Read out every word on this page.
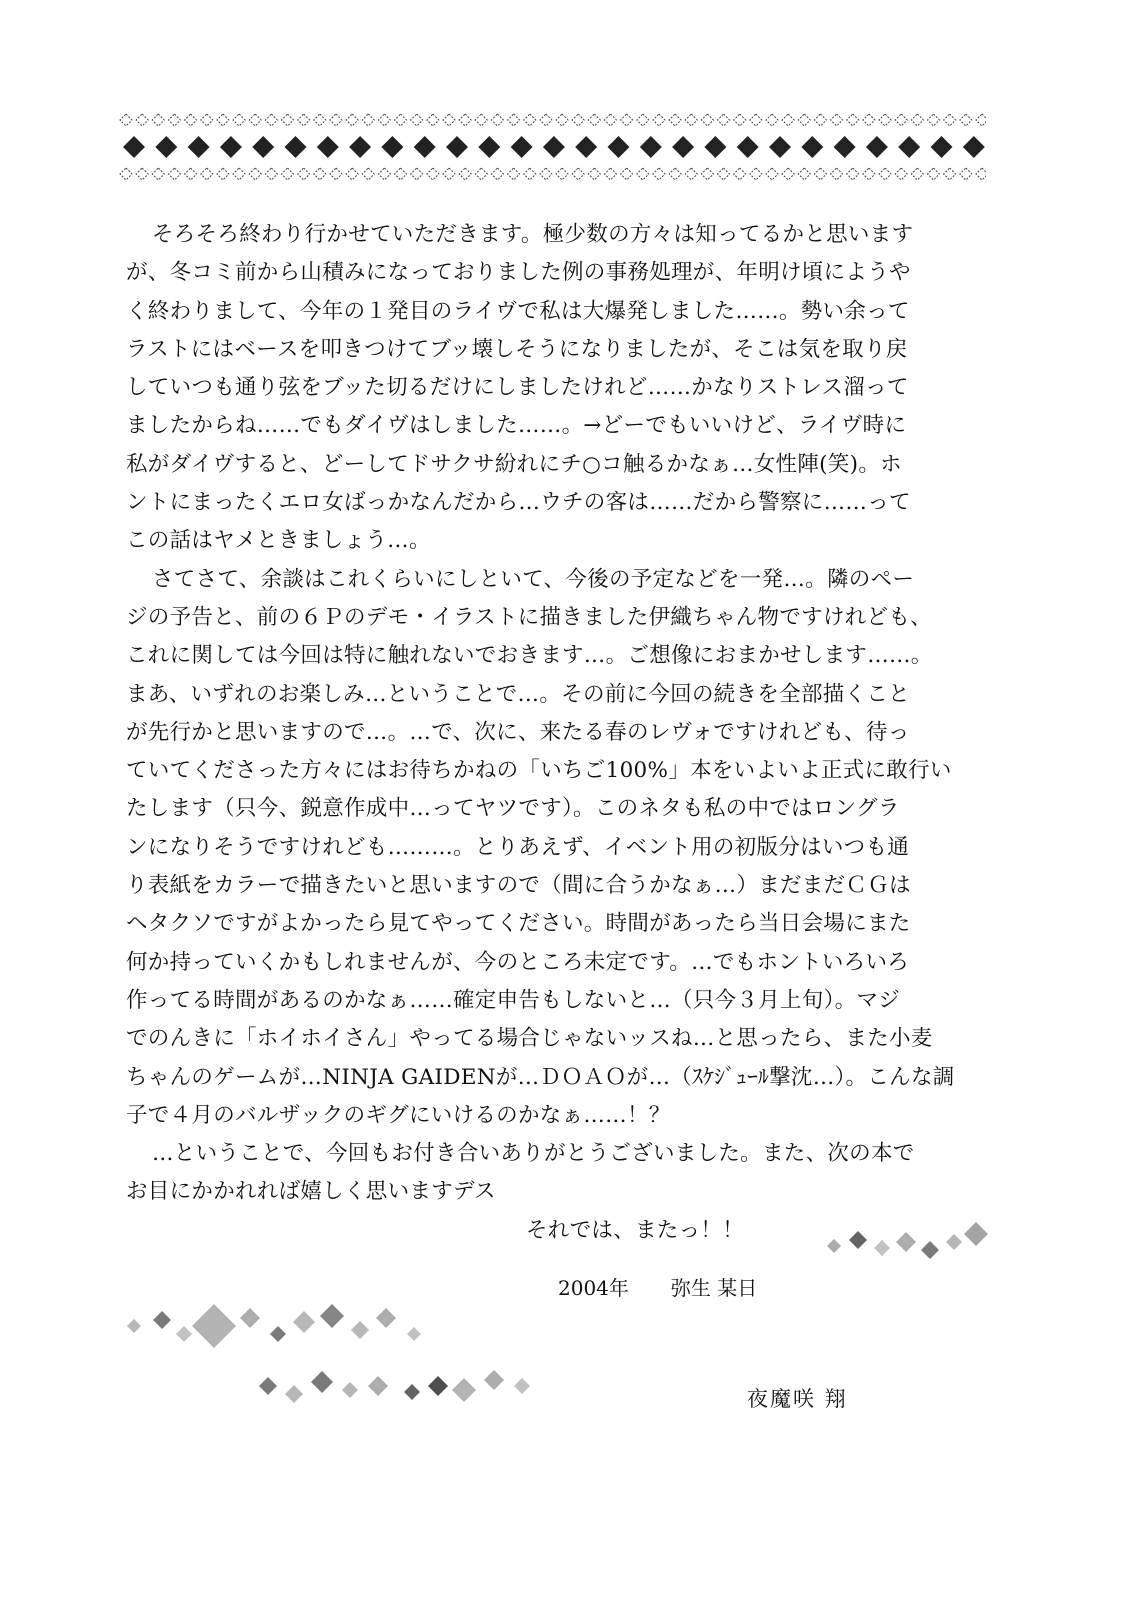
そろそろ終わり行かせていただきます。極少数の方々は知ってるかと思います
が、冬コミ前から山積みになっておりました例の事務処理が、年明け頃にようや
く終わりまして、今年の１発目のライヴで私は大爆発しました……。勢い余って
ラストにはベースを叩きつけてブッ壊しそうになりましたが、そこは気を取り戻
していつも通り弦をブッた切るだけにしましたけれど……かなりストレス溜って
ましたからね……でもダイヴはしました……。→どーでもいいけど、ライヴ時に
私がダイヴすると、どーしてドサクサ紛れにチ○コ触るかなぁ…女性陣(笑)。ホ
ントにまったくエロ女ばっかなんだから…ウチの客は……だから警察に……って
この話はヤメときましょう…。
さてさて、余談はこれくらいにしといて、今後の予定などを一発…。隣のペー
ジの予告と、前の６Ｐのデモ・イラストに描きました伊織ちゃん物ですけれども、
これに関しては今回は特に触れないでおきます…。ご想像におまかせします……。
まあ、いずれのお楽しみ…ということで…。その前に今回の続きを全部描くこと
が先行かと思いますので…。…で、次に、来たる春のレヴォですけれども、待っ
ていてくださった方々にはお待ちかねの「いちご100%」本をいよいよ正式に敢行い
たします（只今、鋭意作成中…ってヤツです）。このネタも私の中ではロングラ
ンになりそうですけれども………。とりあえず、イベント用の初版分はいつも通
り表紙をカラーで描きたいと思いますので（間に合うかなぁ…）まだまだＣＧは
ヘタクソですがよかったら見てやってください。時間があったら当日会場にまた
何か持っていくかもしれませんが、今のところ未定です。…でもホントいろいろ
作ってる時間があるのかなぁ……確定申告もしないと…（只今３月上旬）。マジ
でのんきに「ホイホイさん」やってる場合じゃないッスね…と思ったら、また小麦
ちゃんのゲームが…NINJA GAIDENが…ＤＯＡＯが…（ｽｹｼﾞｭｰﾙ撃沈…）。こんな調
子で４月のバルザックのギグにいけるのかなぁ……！？
…ということで、今回もお付き合いありがとうございました。また、次の本で
お目にかかれれば嬉しく思いますデス
それでは、またっ！！
2004年 弥生 某日
夜魔咲 翔
